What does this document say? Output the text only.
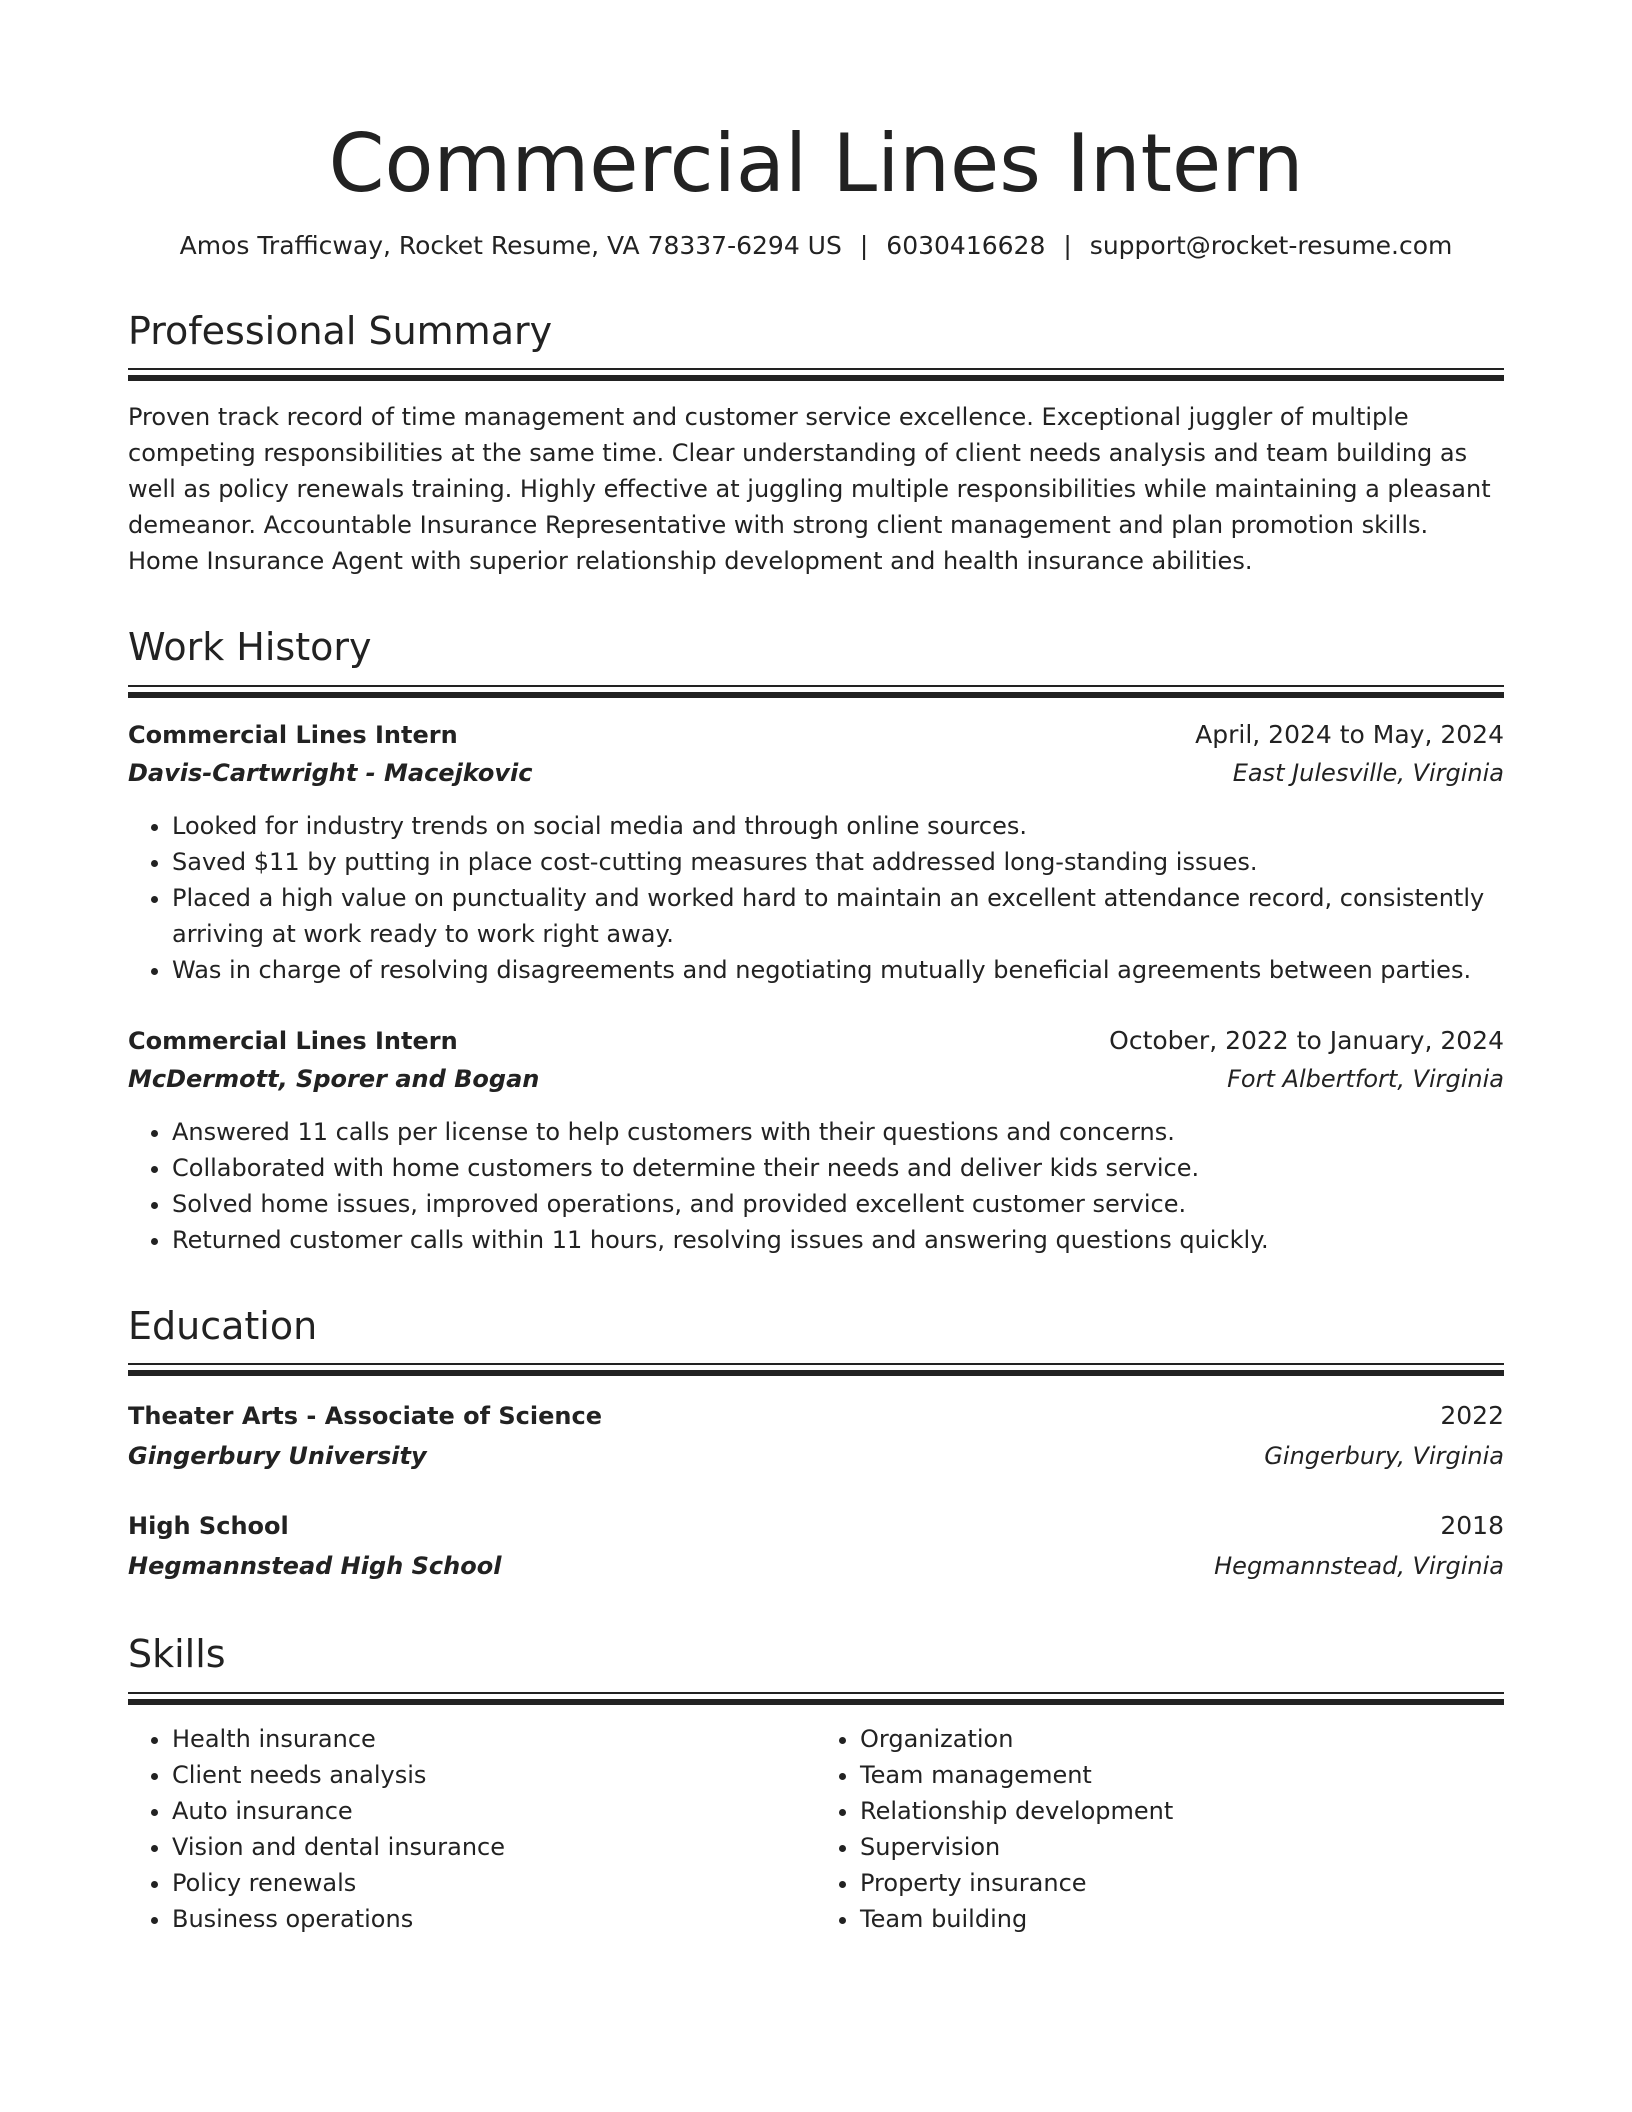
Commercial Lines Intern
Amos Trafficway, Rocket Resume, VA 78337-6294 US | 6030416628 | support@rocket-resume.com
Professional Summary
Proven track record of time management and customer service excellence. Exceptional juggler of multiple competing responsibilities at the same time. Clear understanding of client needs analysis and team building as well as policy renewals training. Highly effective at juggling multiple responsibilities while maintaining a pleasant demeanor. Accountable Insurance Representative with strong client management and plan promotion skills. Home Insurance Agent with superior relationship development and health insurance abilities.
Work History
Commercial Lines Intern	April, 2024 to May, 2024
Davis-Cartwright - Macejkovic	East Julesville, Virginia
• Looked for industry trends on social media and through online sources.
• Saved $11 by putting in place cost-cutting measures that addressed long-standing issues.
• Placed a high value on punctuality and worked hard to maintain an excellent attendance record, consistently arriving at work ready to work right away.
• Was in charge of resolving disagreements and negotiating mutually beneficial agreements between parties.
Commercial Lines Intern	October, 2022 to January, 2024
McDermott, Sporer and Bogan	Fort Albertfort, Virginia
• Answered 11 calls per license to help customers with their questions and concerns.
• Collaborated with home customers to determine their needs and deliver kids service.
• Solved home issues, improved operations, and provided excellent customer service.
• Returned customer calls within 11 hours, resolving issues and answering questions quickly.
Education
Theater Arts - Associate of Science	2022
Gingerbury University	Gingerbury, Virginia
High School	2018
Hegmannstead High School	Hegmannstead, Virginia
Skills
• Health insurance
• Client needs analysis
• Auto insurance
• Vision and dental insurance
• Policy renewals
• Business operations
• Organization
• Team management
• Relationship development
• Supervision
• Property insurance
• Team building
